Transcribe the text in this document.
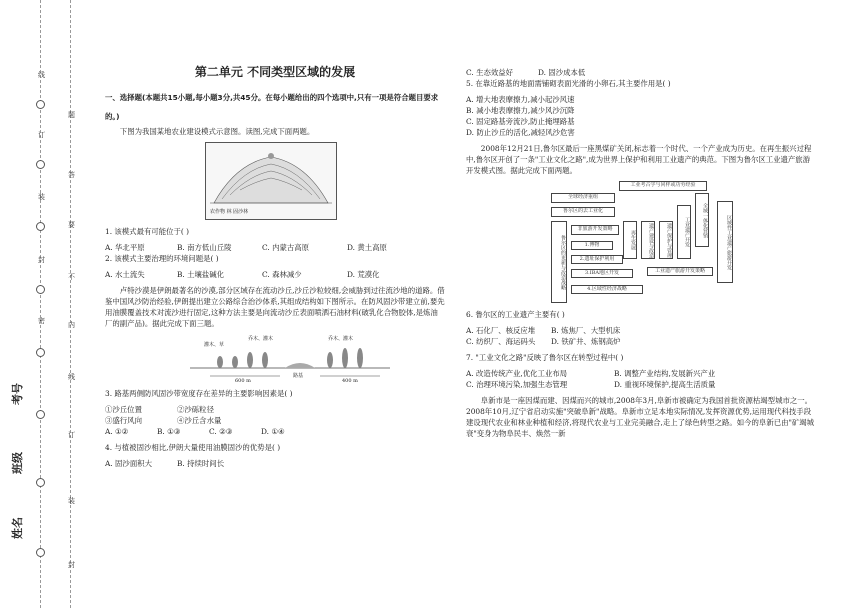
线
订
装
封
密
题
答
要
不
内
线
订
装
封
考号
班级
姓名
第二单元 不同类型区域的发展
一、选择题(本题共15小题,每小题3分,共45分。在每小题给出的四个选项中,只有一项是符合题目要求的。)

下图为我国某地农业建设模式示意图。读图,完成下面两题。

农作物 林 固沙林

1. 该模式最有可能位于( )

A. 华北平原	B. 南方低山丘陵	C. 内蒙古高原	D. 黄土高原

2. 该模式主要治理的环境问题是( )

A. 水土流失	B. 土壤盐碱化	C. 森林减少	D. 荒漠化

卢特沙漠是伊朗最著名的沙漠,部分区域存在流动沙丘,沙丘沙粒较细,会威胁到过往流沙地的道路。借鉴中国风沙防治经验,伊朗提出建立公路综合治沙体系,其组成结构如下图所示。在防风固沙带建立前,要先用油膜覆盖技术对流沙进行固定,这种方法主要是向流动沙丘表面喷洒石油材料(破乳化合物胶体,是炼油厂的副产品)。据此完成下面三题。

灌木、草
乔木、灌木	乔木、灌木
600 m
路基
400 m

3. 路基两侧防风固沙带宽度存在差异的主要影响因素是( )

①沙丘位置	②沙砾粒径
③盛行风向	④沙丘含水量
A. ①②	B. ①③	C. ②③	D. ①④

4. 与植被固沙相比,伊朗大量使用油膜固沙的优势是( )

A. 固沙面积大	B. 持续时间长
C. 生态效益好	D. 固沙成本低

5. 在靠近路基的地面需铺砌表面光滑的小卵石,其主要作用是( )

A. 增大地表摩擦力,减小起沙风速
B. 减小地表摩擦力,减少风沙沉降
C. 固定路基旁流沙,防止掩埋路基
D. 防止沙丘的活化,减轻风沙危害

2008年12月21日,鲁尔区最后一座黑煤矿关闭,标志着一个时代、一个产业成为历史。在再生振兴过程中,鲁尔区开创了一条"工业文化之路",成为世界上保护和利用工业遗产的典范。下图为鲁尔区工业遗产旅游开发模式图。据此完成下面两题。

工业考古学与同样或功劳经验
全球经济重组
鲁尔区的去工业化
鲁尔区的更新与改造战略
非旅游开发策略
再生发展	遗产建设与改造	遗产保护与管理	工业遗产开发	全域一体化营销	区域性工业遗产旅游开发
1.博物
2.遗址保护利用
3.IBA地区开发
4.区域性经济战略
工业遗产旅游开发策略

6. 鲁尔区的工业遗产主要有( )

A. 石化厂、核反应堆	B. 炼焦厂、大型机床
C. 纺织厂、海运码头	D. 铁矿井、炼钢高炉

7. "工业文化之路"反映了鲁尔区在转型过程中( )

A. 改造传统产业,优化工业布局	B. 调整产业结构,发展新兴产业
C. 治理环境污染,加强生态管理	D. 重视环境保护,提高生活质量

阜新市是一座因煤而建、因煤而兴的城市,2008年3月,阜新市被确定为我国首批资源枯竭型城市之一。2008年10月,辽宁省启动实施"突破阜新"战略。阜新市立足本地实际情况,发挥资源优势,运用现代科技手段建设现代农业和林业种植和经济,将现代农业与工业完美融合,走上了绿色转型之路。如今的阜新已由"矿竭城衰"变身为物阜民丰、焕然一新
